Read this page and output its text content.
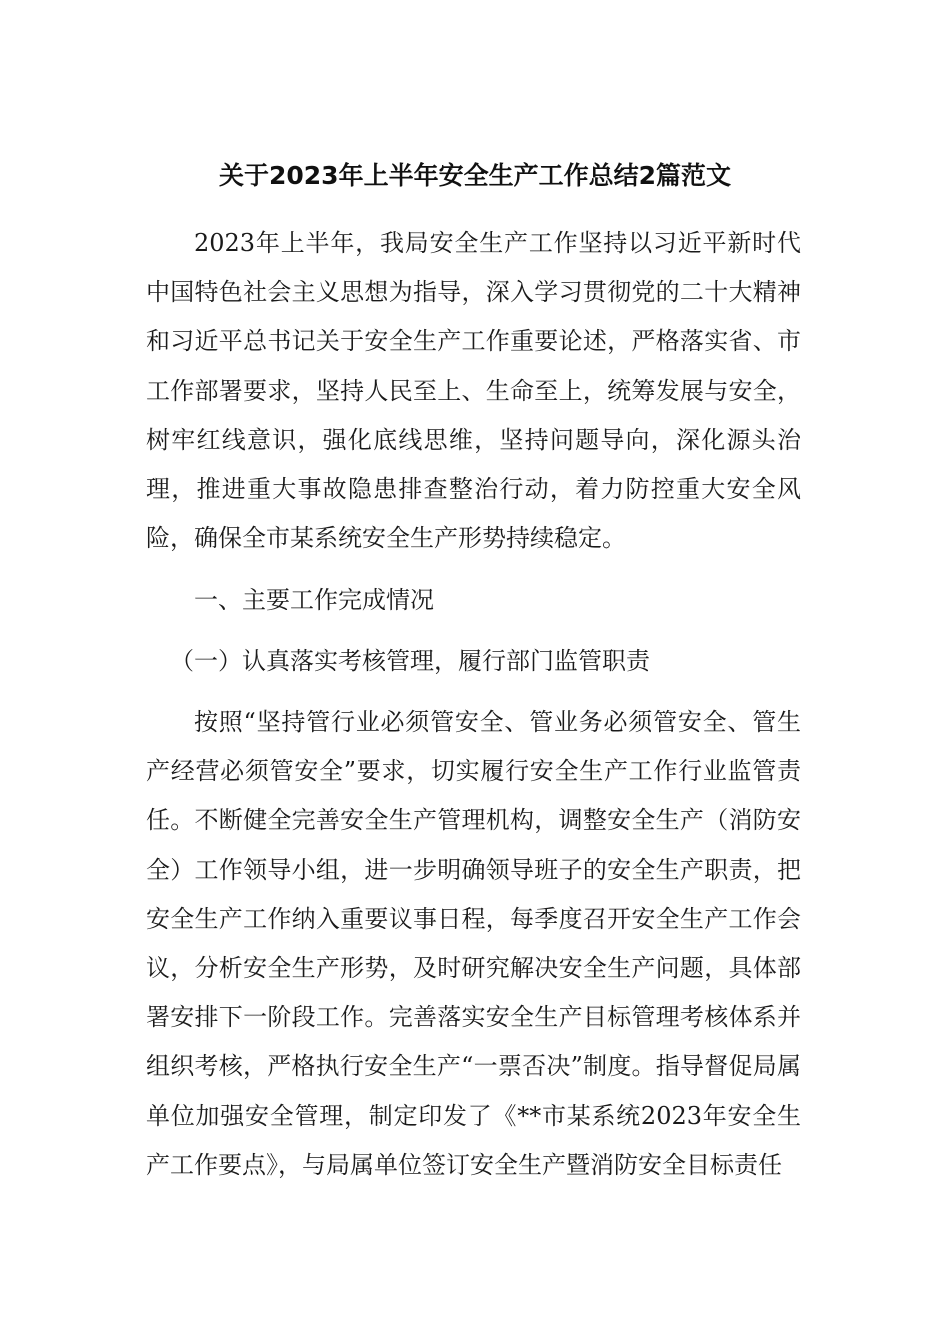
关于2023年上半年安全生产工作总结2篇范文

2023年上半年，我局安全生产工作坚持以习近平新时代中国特色社会主义思想为指导，深入学习贯彻党的二十大精神和习近平总书记关于安全生产工作重要论述，严格落实省、市工作部署要求，坚持人民至上、生命至上，统筹发展与安全，树牢红线意识，强化底线思维，坚持问题导向，深化源头治理，推进重大事故隐患排查整治行动，着力防控重大安全风险，确保全市某系统安全生产形势持续稳定。

一、主要工作完成情况

（一）认真落实考核管理，履行部门监管职责

按照“坚持管行业必须管安全、管业务必须管安全、管生产经营必须管安全”要求，切实履行安全生产工作行业监管责任。不断健全完善安全生产管理机构，调整安全生产（消防安全）工作领导小组，进一步明确领导班子的安全生产职责，把安全生产工作纳入重要议事日程，每季度召开安全生产工作会议，分析安全生产形势，及时研究解决安全生产问题，具体部署安排下一阶段工作。完善落实安全生产目标管理考核体系并组织考核，严格执行安全生产“一票否决”制度。指导督促局属单位加强安全管理，制定印发了《**市某系统2023年安全生产工作要点》，与局属单位签订安全生产暨消防安全目标责任
